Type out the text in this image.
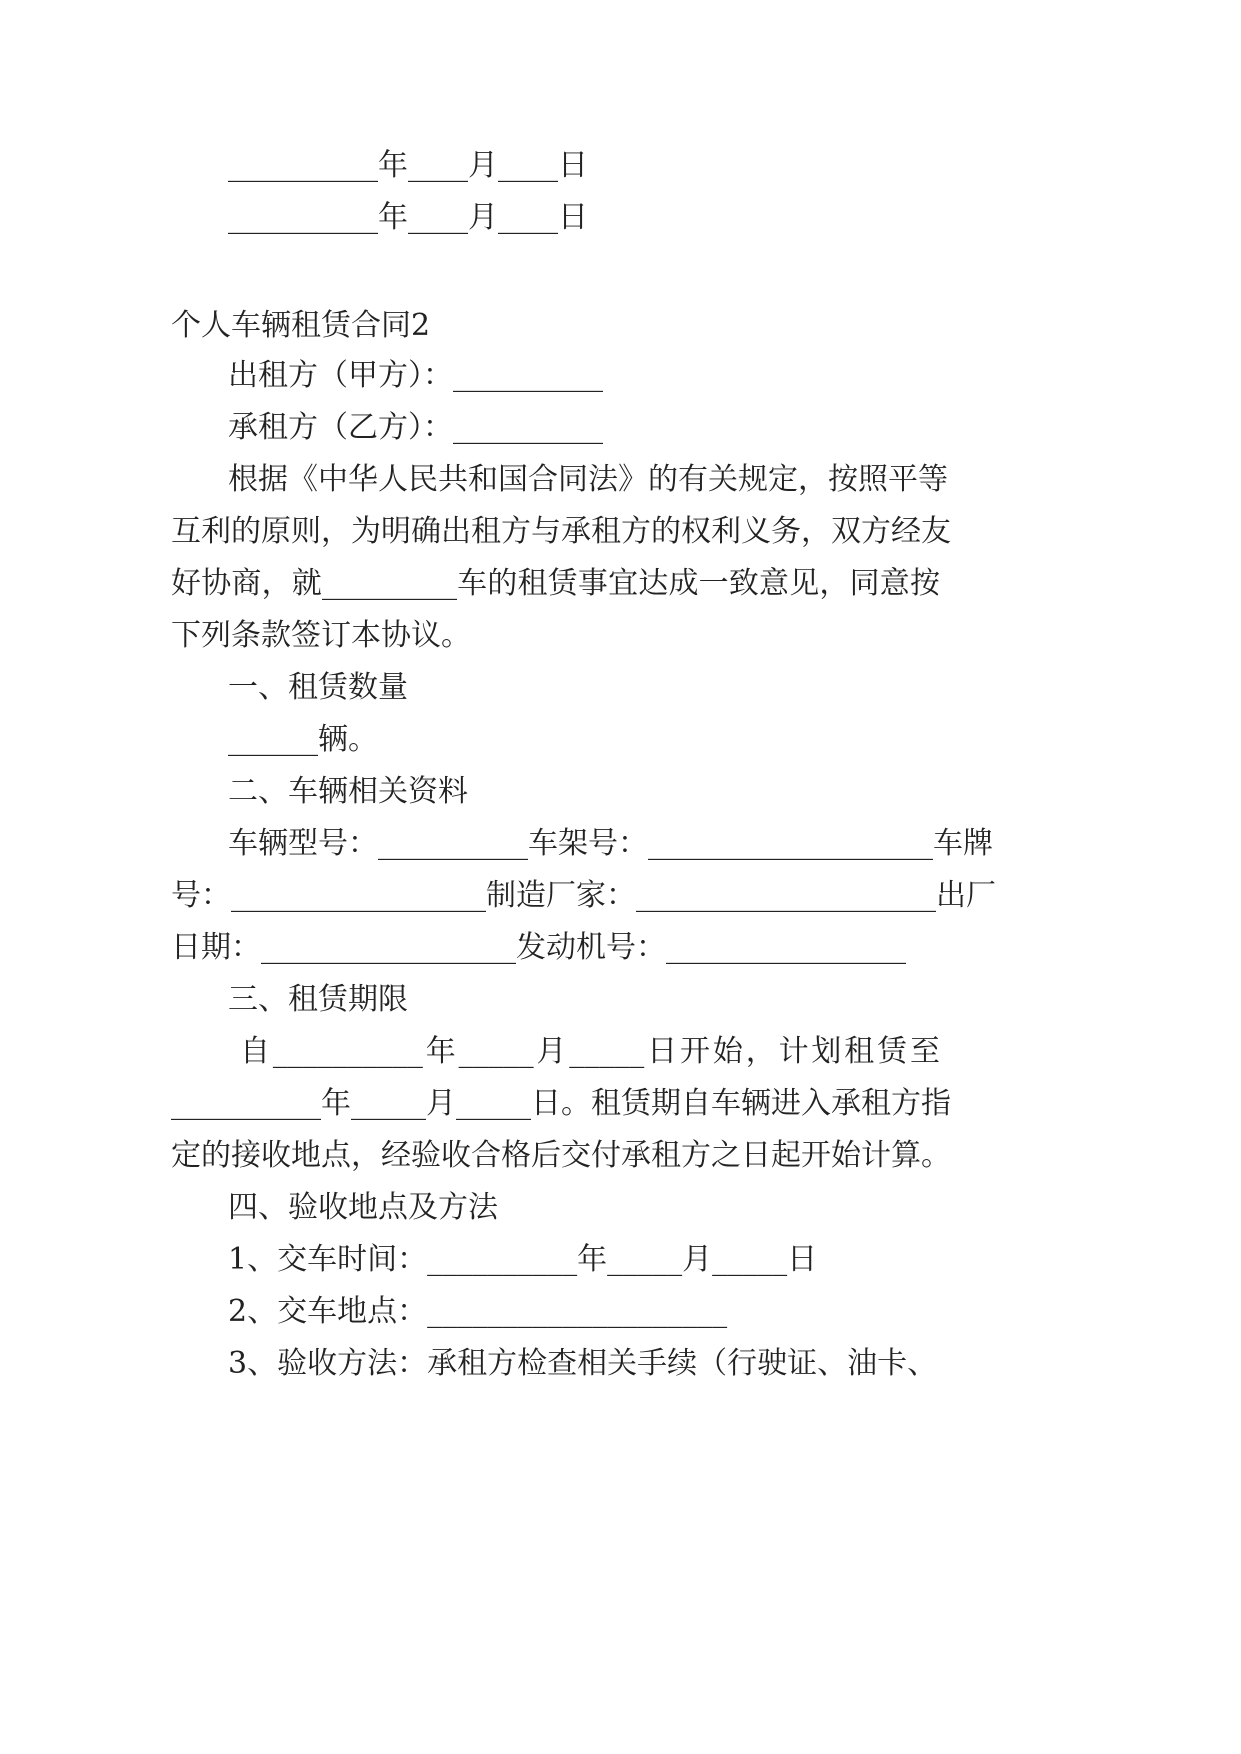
__________年____月____日
__________年____月____日
个人车辆租赁合同2
出租方（甲方）：__________
承租方（乙方）：__________
根据《中华人民共和国合同法》的有关规定，按照平等
互利的原则，为明确出租方与承租方的权利义务，双方经友
好协商，就_________车的租赁事宜达成一致意见，同意按
下列条款签订本协议。
一、租赁数量
______辆。
二、车辆相关资料
车辆型号：__________车架号：___________________车牌
号：_________________制造厂家：____________________出厂
日期：_________________发动机号：________________
三、租赁期限
自__________年_____月_____日开始，计划租赁至
__________年_____月_____日。租赁期自车辆进入承租方指
定的接收地点，经验收合格后交付承租方之日起开始计算。
四、验收地点及方法
1、交车时间：__________年_____月_____日
2、交车地点：____________________
3、验收方法：承租方检查相关手续（行驶证、油卡、
